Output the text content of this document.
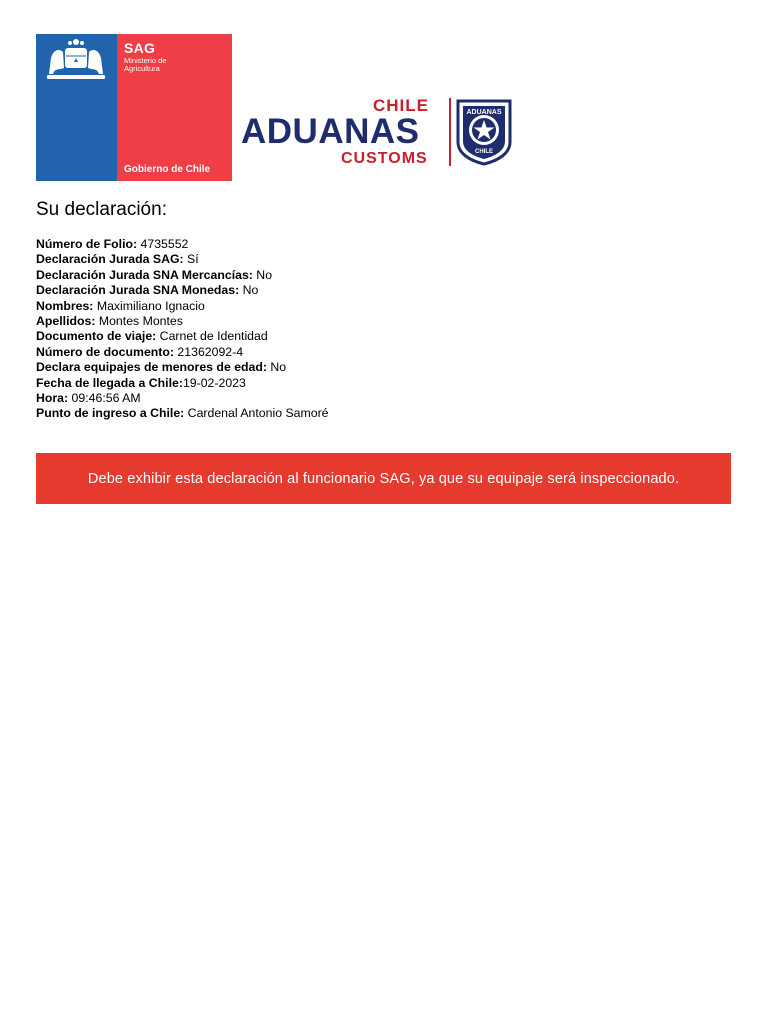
SAG
Ministerio de
Agricultura
Gobierno de Chile
CHILE
ADUANAS
CUSTOMS
ADUANAS
CHILE
Su declaración:
Número de Folio: 4735552
Declaración Jurada SAG: Sí
Declaración Jurada SNA Mercancías: No
Declaración Jurada SNA Monedas: No
Nombres: Maximiliano Ignacio
Apellidos: Montes Montes
Documento de viaje: Carnet de Identidad
Número de documento: 21362092-4
Declara equipajes de menores de edad: No
Fecha de llegada a Chile:19-02-2023
Hora: 09:46:56 AM
Punto de ingreso a Chile: Cardenal Antonio Samoré
Debe exhibir esta declaración al funcionario SAG, ya que su equipaje será inspeccionado.
